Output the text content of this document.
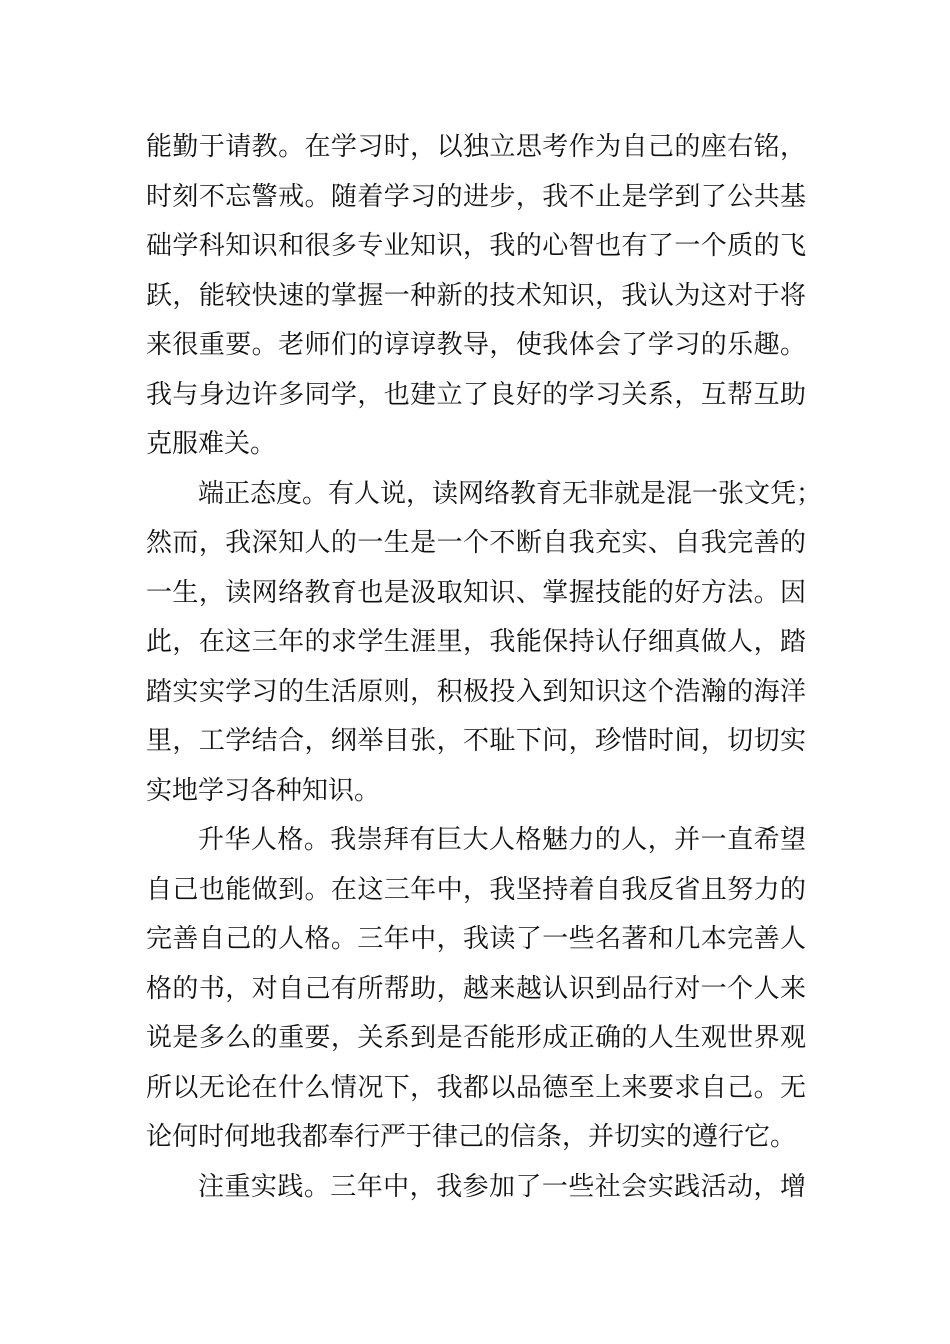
能勤于请教。在学习时，以独立思考作为自己的座右铭，
时刻不忘警戒。随着学习的进步，我不止是学到了公共基
础学科知识和很多专业知识，我的心智也有了一个质的飞
跃，能较快速的掌握一种新的技术知识，我认为这对于将
来很重要。老师们的谆谆教导，使我体会了学习的乐趣。
我与身边许多同学，也建立了良好的学习关系，互帮互助
克服难关。
端正态度。有人说，读网络教育无非就是混一张文凭；
然而，我深知人的一生是一个不断自我充实、自我完善的
一生，读网络教育也是汲取知识、掌握技能的好方法。因
此，在这三年的求学生涯里，我能保持认仔细真做人，踏
踏实实学习的生活原则，积极投入到知识这个浩瀚的海洋
里，工学结合，纲举目张，不耻下问，珍惜时间，切切实
实地学习各种知识。
升华人格。我崇拜有巨大人格魅力的人，并一直希望
自己也能做到。在这三年中，我坚持着自我反省且努力的
完善自己的人格。三年中，我读了一些名著和几本完善人
格的书，对自己有所帮助，越来越认识到品行对一个人来
说是多么的重要，关系到是否能形成正确的人生观世界观
所以无论在什么情况下，我都以品德至上来要求自己。无
论何时何地我都奉行严于律己的信条，并切实的遵行它。
注重实践。三年中，我参加了一些社会实践活动，增
